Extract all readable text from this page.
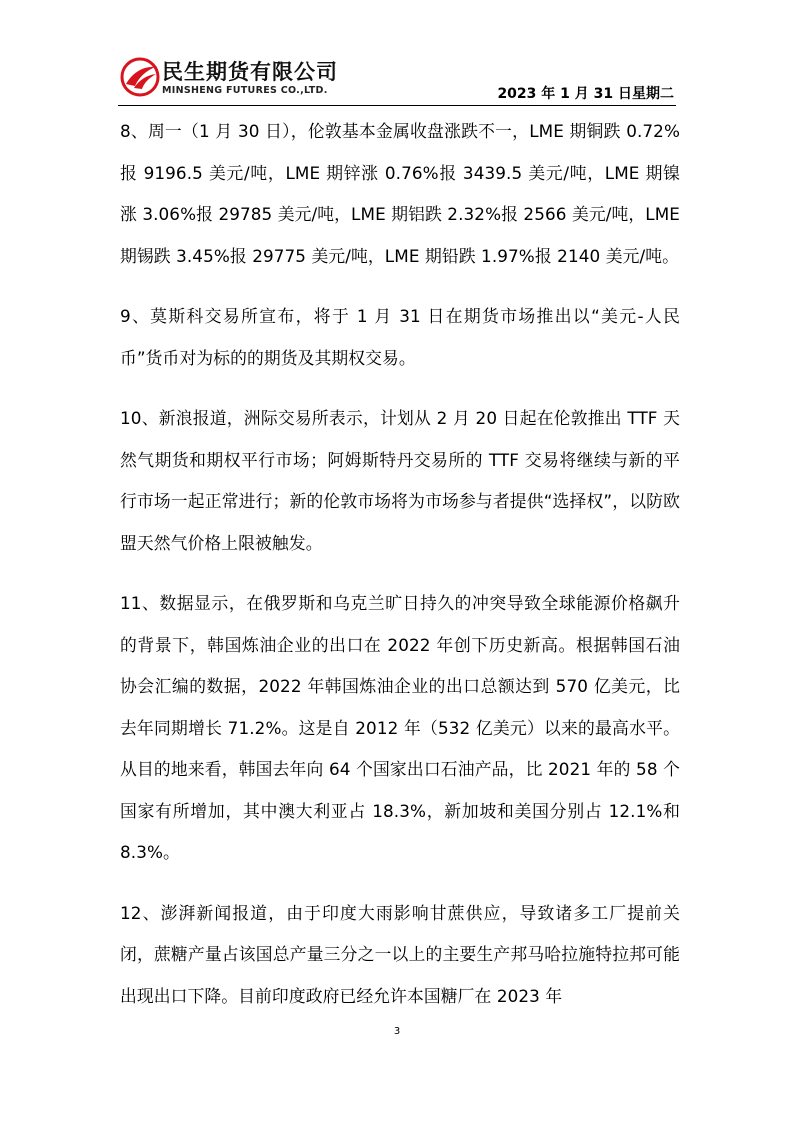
民生期货有限公司
MINSHENG FUTURES CO.,LTD.	2023 年 1 月 31 日星期二

8、周一（1 月 30 日），伦敦基本金属收盘涨跌不一，LME 期铜跌 0.72%报 9196.5 美元/吨，LME 期锌涨 0.76%报 3439.5 美元/吨，LME 期镍涨 3.06%报 29785 美元/吨，LME 期铝跌 2.32%报 2566 美元/吨，LME 期锡跌 3.45%报 29775 美元/吨，LME 期铅跌 1.97%报 2140 美元/吨。

9、莫斯科交易所宣布，将于 1 月 31 日在期货市场推出以“美元-人民币”货币对为标的的期货及其期权交易。

10、新浪报道，洲际交易所表示，计划从 2 月 20 日起在伦敦推出 TTF 天然气期货和期权平行市场；阿姆斯特丹交易所的 TTF 交易将继续与新的平行市场一起正常进行；新的伦敦市场将为市场参与者提供“选择权”，以防欧盟天然气价格上限被触发。

11、数据显示，在俄罗斯和乌克兰旷日持久的冲突导致全球能源价格飙升的背景下，韩国炼油企业的出口在 2022 年创下历史新高。根据韩国石油协会汇编的数据，2022 年韩国炼油企业的出口总额达到 570 亿美元，比去年同期增长 71.2%。这是自 2012 年（532 亿美元）以来的最高水平。从目的地来看，韩国去年向 64 个国家出口石油产品，比 2021 年的 58 个国家有所增加，其中澳大利亚占 18.3%，新加坡和美国分别占 12.1%和 8.3%。

12、澎湃新闻报道，由于印度大雨影响甘蔗供应，导致诸多工厂提前关闭，蔗糖产量占该国总产量三分之一以上的主要生产邦马哈拉施特拉邦可能出现出口下降。目前印度政府已经允许本国糖厂在 2023 年

3
